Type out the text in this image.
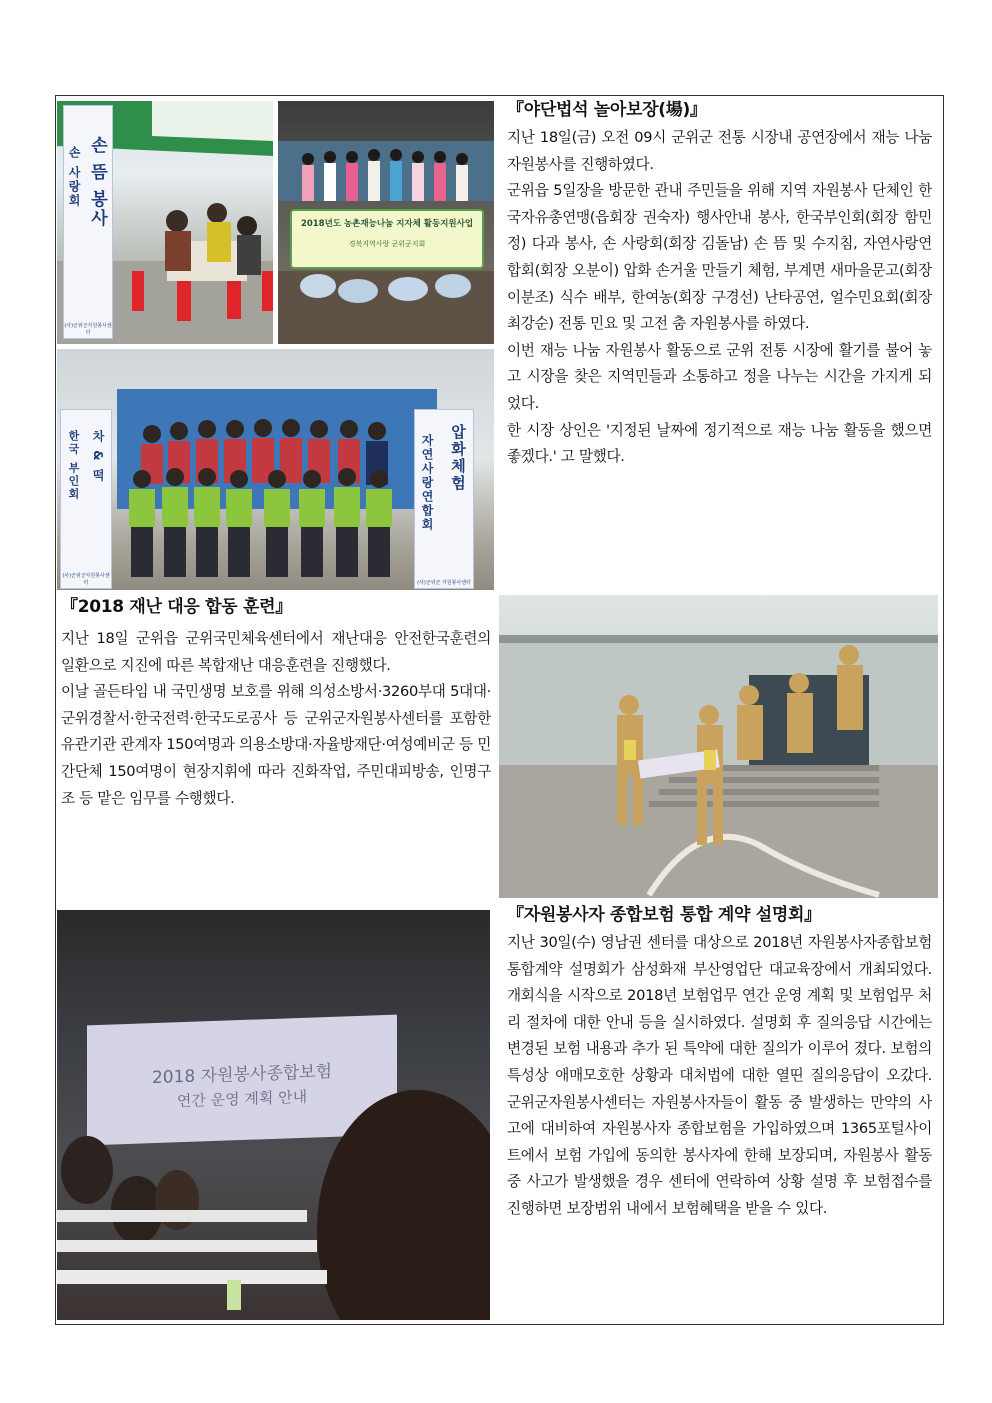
손 뜸 봉사
손 사랑회
(사)군위군자원봉사센터
2018년도 농촌재능나눔 지자체 활동지원사업
경북지역사랑 군위군지회
한국 부인회 차 & 떡
(사)군위군자원봉사센터
압화체험
자연사랑연합회
(사)군위군 자원봉사센터
2018 자원봉사종합보험
연간 운영 계획 안내

『야단법석 놀아보장(場)』

지난 18일(금) 오전 09시 군위군 전통 시장내 공연장에서 재능 나눔 자원봉사를 진행하였다.

군위읍 5일장을 방문한 관내 주민들을 위해 지역 자원봉사 단체인 한국자유총연맹(읍회장 권숙자) 행사안내 봉사, 한국부인회(회장 함민정) 다과 봉사, 손 사랑회(회장 김돌남) 손 뜸 및 수지침, 자연사랑연합회(회장 오분이) 압화 손거울 만들기 체험, 부계면 새마을문고(회장 이분조) 식수 배부, 한여농(회장 구경선) 난타공연, 얼수민요회(회장 최강순) 전통 민요 및 고전 춤 자원봉사를 하였다.

이번 재능 나눔 자원봉사 활동으로 군위 전통 시장에 활기를 불어 놓고 시장을 찾은 지역민들과 소통하고 정을 나누는 시간을 가지게 되었다.

한 시장 상인은 '지정된 날짜에 정기적으로 재능 나눔 활동을 했으면 좋겠다.' 고 말했다.

『2018 재난 대응 합동 훈련』

지난 18일 군위읍 군위국민체육센터에서 재난대응 안전한국훈련의 일환으로 지진에 따른 복합재난 대응훈련을 진행했다.

이날 골든타임 내 국민생명 보호를 위해 의성소방서·3260부대 5대대·군위경찰서·한국전력·한국도로공사 등 군위군자원봉사센터를 포함한 유관기관 관계자 150여명과 의용소방대·자율방재단·여성예비군 등 민간단체 150여명이 현장지휘에 따라 진화작업, 주민대피방송, 인명구조 등 맡은 임무를 수행했다.

『자원봉사자 종합보험 통합 계약 설명회』

지난 30일(수) 영남권 센터를 대상으로 2018년 자원봉사자종합보험 통합계약 설명회가 삼성화재 부산영업단 대교육장에서 개최되었다. 개회식을 시작으로 2018년 보험업무 연간 운영 계획 및 보험업무 처리 절차에 대한 안내 등을 실시하였다. 설명회 후 질의응답 시간에는 변경된 보험 내용과 추가 된 특약에 대한 질의가 이루어 졌다. 보험의 특성상 애매모호한 상황과 대처법에 대한 열띤 질의응답이 오갔다. 군위군자원봉사센터는 자원봉사자들이 활동 중 발생하는 만약의 사고에 대비하여 자원봉사자 종합보험을 가입하였으며 1365포털사이트에서 보험 가입에 동의한 봉사자에 한해 보장되며, 자원봉사 활동 중 사고가 발생했을 경우 센터에 연락하여 상황 설명 후 보험접수를 진행하면 보장범위 내에서 보험혜택을 받을 수 있다.
